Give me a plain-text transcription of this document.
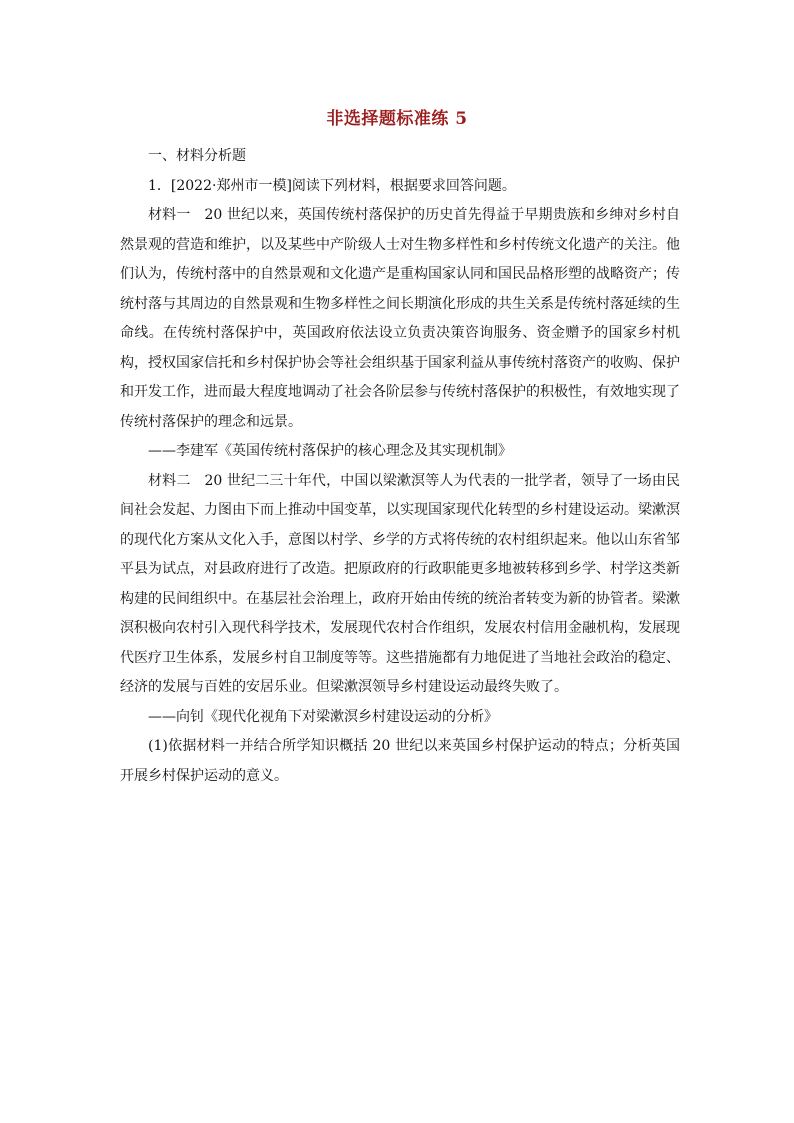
非选择题标准练 5

一、材料分析题

1．[2022·郑州市一模]阅读下列材料，根据要求回答问题。

材料一 20 世纪以来，英国传统村落保护的历史首先得益于早期贵族和乡绅对乡村自然景观的营造和维护，以及某些中产阶级人士对生物多样性和乡村传统文化遗产的关注。他们认为，传统村落中的自然景观和文化遗产是重构国家认同和国民品格形塑的战略资产；传统村落与其周边的自然景观和生物多样性之间长期演化形成的共生关系是传统村落延续的生命线。在传统村落保护中，英国政府依法设立负责决策咨询服务、资金赠予的国家乡村机构，授权国家信托和乡村保护协会等社会组织基于国家利益从事传统村落资产的收购、保护和开发工作，进而最大程度地调动了社会各阶层参与传统村落保护的积极性，有效地实现了传统村落保护的理念和远景。

——李建军《英国传统村落保护的核心理念及其实现机制》

材料二 20 世纪二三十年代，中国以梁漱溟等人为代表的一批学者，领导了一场由民间社会发起、力图由下而上推动中国变革，以实现国家现代化转型的乡村建设运动。梁漱溟的现代化方案从文化入手，意图以村学、乡学的方式将传统的农村组织起来。他以山东省邹平县为试点，对县政府进行了改造。把原政府的行政职能更多地被转移到乡学、村学这类新构建的民间组织中。在基层社会治理上，政府开始由传统的统治者转变为新的协管者。梁漱溟积极向农村引入现代科学技术，发展现代农村合作组织，发展农村信用金融机构，发展现代医疗卫生体系，发展乡村自卫制度等等。这些措施都有力地促进了当地社会政治的稳定、经济的发展与百姓的安居乐业。但梁漱溟领导乡村建设运动最终失败了。

——向钊《现代化视角下对梁漱溟乡村建设运动的分析》

(1)依据材料一并结合所学知识概括 20 世纪以来英国乡村保护运动的特点；分析英国开展乡村保护运动的意义。
